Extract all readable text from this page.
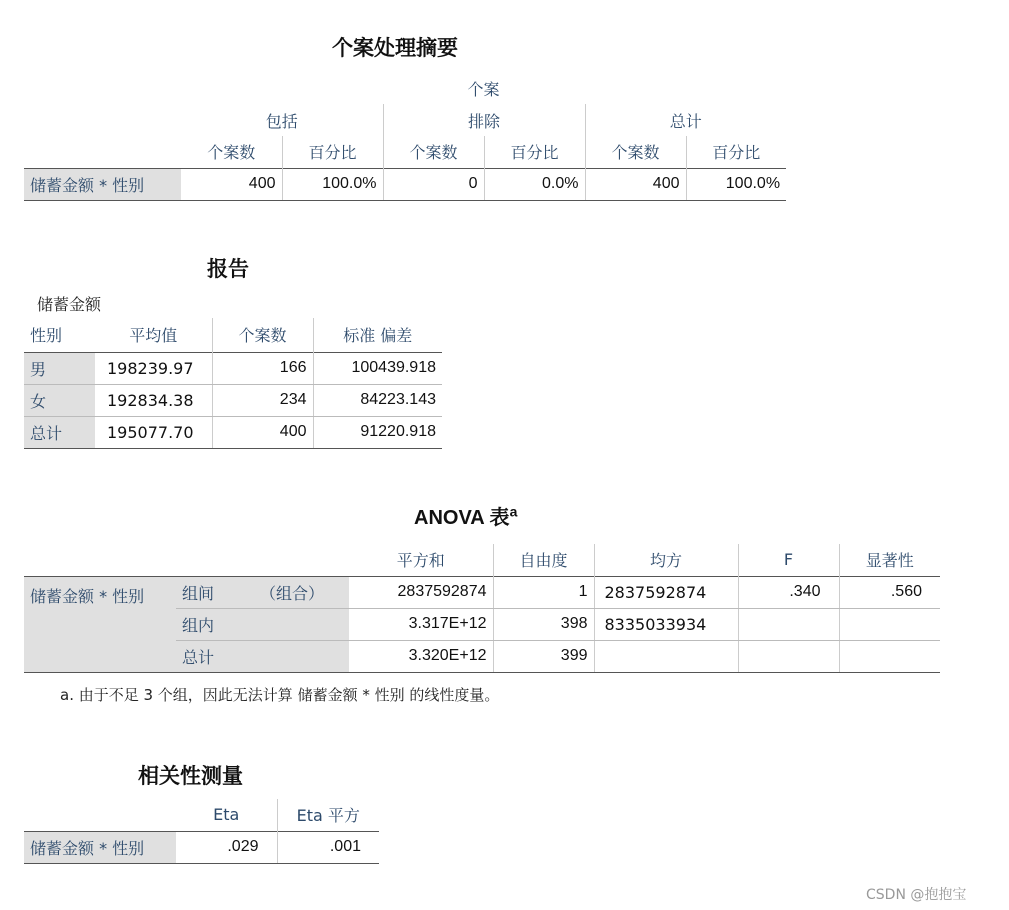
个案处理摘要
	个案					
	包括		排除		总计	
	个案数	百分比	个案数	百分比	个案数	百分比
储蓄金额 * 性别	400	100.0%	0	0.0%	400	100.0%
报告
储蓄金额
性别	平均值	个案数	标准 偏差
男	198239.97	166	100439.918
女	192834.38	234	84223.143
总计	195077.70	400	91220.918
ANOVA 表$^a$
			平方和	自由度	均方	F	显著性
储蓄金额 * 性别	组间	（组合）	2837592874	1	2837592874	.340	.560
	组内		3.317E+12	398	8335033934		
	总计		3.320E+12	399			
a. 由于不足 3 个组，因此无法计算 储蓄金额 * 性别 的线性度量。
相关性测量
	Eta	Eta 平方
储蓄金额 * 性别	.029	.001
CSDN @抱抱宝
